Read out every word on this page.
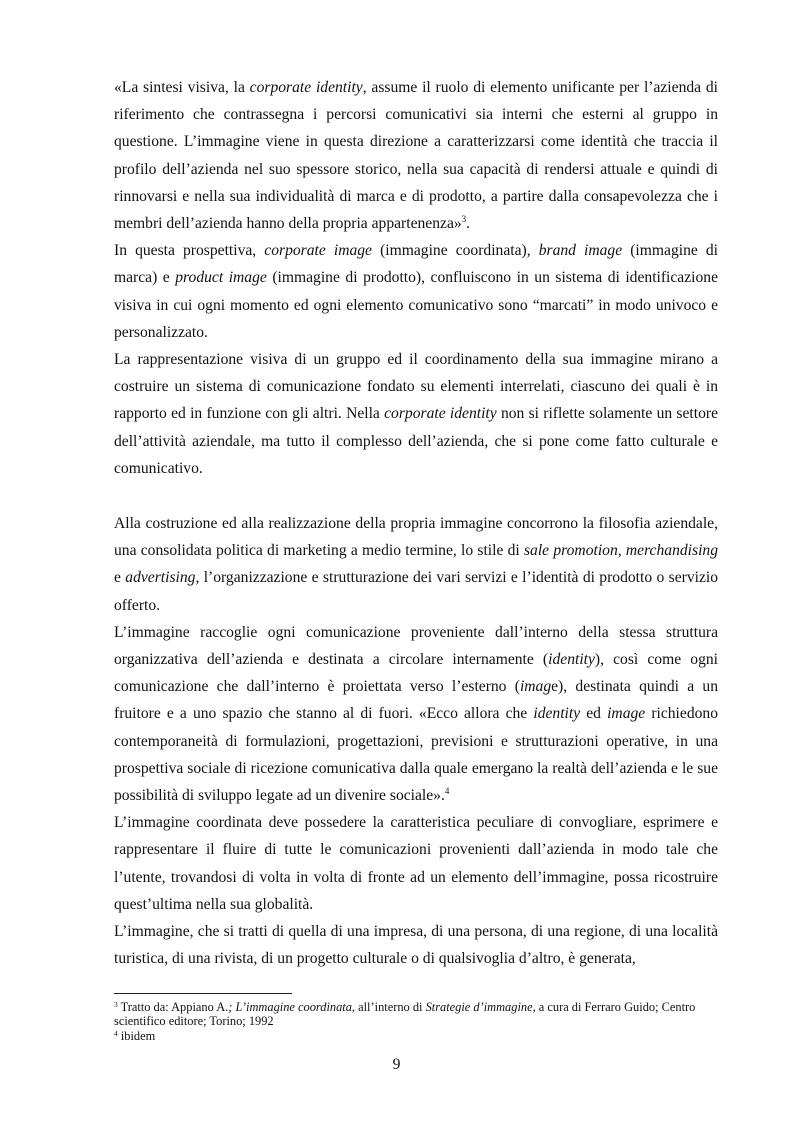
«La sintesi visiva, la corporate identity, assume il ruolo di elemento unificante per l’azienda di riferimento che contrassegna i percorsi comunicativi sia interni che esterni al gruppo in questione. L’immagine viene in questa direzione a caratterizzarsi come identità che traccia il profilo dell’azienda nel suo spessore storico, nella sua capacità di rendersi attuale e quindi di rinnovarsi e nella sua individualità di marca e di prodotto, a partire dalla consapevolezza che i membri dell’azienda hanno della propria appartenenza»$^3$.

In questa prospettiva, corporate image (immagine coordinata), brand image (immagine di marca) e product image (immagine di prodotto), confluiscono in un sistema di identificazione visiva in cui ogni momento ed ogni elemento comunicativo sono “marcati” in modo univoco e personalizzato.

La rappresentazione visiva di un gruppo ed il coordinamento della sua immagine mirano a costruire un sistema di comunicazione fondato su elementi interrelati, ciascuno dei quali è in rapporto ed in funzione con gli altri. Nella corporate identity non si riflette solamente un settore dell’attività aziendale, ma tutto il complesso dell’azienda, che si pone come fatto culturale e comunicativo.

Alla costruzione ed alla realizzazione della propria immagine concorrono la filosofia aziendale, una consolidata politica di marketing a medio termine, lo stile di sale promotion, merchandising e advertising, l’organizzazione e strutturazione dei vari servizi e l’identità di prodotto o servizio offerto.

L’immagine raccoglie ogni comunicazione proveniente dall’interno della stessa struttura organizzativa dell’azienda e destinata a circolare internamente (identity), così come ogni comunicazione che dall’interno è proiettata verso l’esterno (image), destinata quindi a un fruitore e a uno spazio che stanno al di fuori. «Ecco allora che identity ed image richiedono contemporaneità di formulazioni, progettazioni, previsioni e strutturazioni operative, in una prospettiva sociale di ricezione comunicativa dalla quale emergano la realtà dell’azienda e le sue possibilità di sviluppo legate ad un divenire sociale».$^4$

L’immagine coordinata deve possedere la caratteristica peculiare di convogliare, esprimere e rappresentare il fluire di tutte le comunicazioni provenienti dall’azienda in modo tale che l’utente, trovandosi di volta in volta di fronte ad un elemento dell’immagine, possa ricostruire quest’ultima nella sua globalità.

L’immagine, che si tratti di quella di una impresa, di una persona, di una regione, di una località turistica, di una rivista, di un progetto culturale o di qualsivoglia d’altro, è generata,

$^3$ Tratto da: Appiano A.; L’immagine coordinata, all’interno di Strategie d’immagine, a cura di Ferraro Guido; Centro scientifico editore; Torino; 1992

$^4$ ibidem

9
